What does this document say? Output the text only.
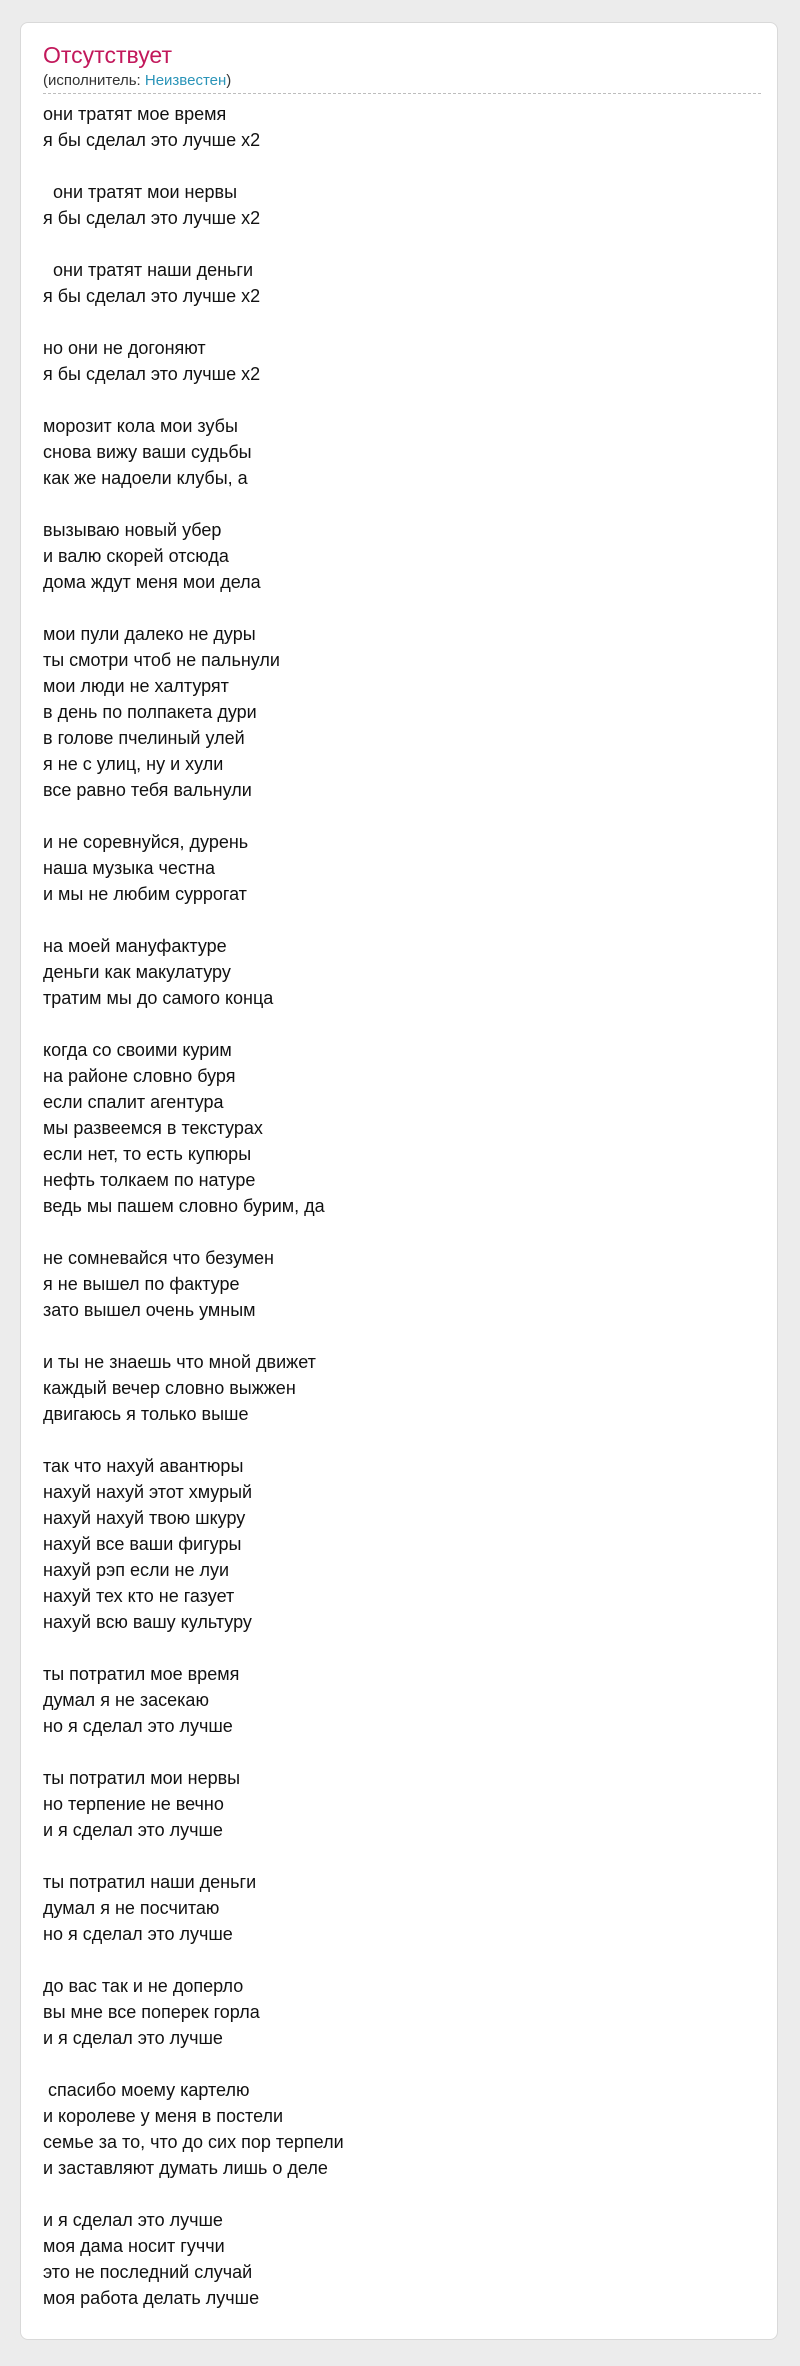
Отсутствует
(исполнитель: Неизвестен)
они тратят мое время
я бы сделал это лучше х2
они тратят мои нервы
я бы сделал это лучше х2
они тратят наши деньги
я бы сделал это лучше х2
но они не догоняют
я бы сделал это лучше х2
морозит кола мои зубы
снова вижу ваши судьбы
как же надоели клубы, а
вызываю новый убер
и валю скорей отсюда
дома ждут меня мои дела
мои пули далеко не дуры
ты смотри чтоб не пальнули
мои люди не халтурят
в день по полпакета дури
в голове пчелиный улей
я не с улиц, ну и хули
все равно тебя вальнули
и не соревнуйся, дурень
наша музыка честна
и мы не любим суррогат
на моей мануфактуре
деньги как макулатуру
тратим мы до самого конца
когда со своими курим
на районе словно буря
если спалит агентура
мы развеемся в текстурах
если нет, то есть купюры
нефть толкаем по натуре
ведь мы пашем словно бурим, да
не сомневайся что безумен
я не вышел по фактуре
зато вышел очень умным
и ты не знаешь что мной движет
каждый вечер словно выжжен
двигаюсь я только выше
так что нахуй авантюры
нахуй нахуй этот хмурый
нахуй нахуй твою шкуру
нахуй все ваши фигуры
нахуй рэп если не луи
нахуй тех кто не газует
нахуй всю вашу культуру
ты потратил мое время
думал я не засекаю
но я сделал это лучше
ты потратил мои нервы
но терпение не вечно
и я сделал это лучше
ты потратил наши деньги
думал я не посчитаю
но я сделал это лучше
до вас так и не доперло
вы мне все поперек горла
и я сделал это лучше
спасибо моему картелю
и королеве у меня в постели
семье за то, что до сих пор терпели
и заставляют думать лишь о деле
и я сделал это лучше
моя дама носит гуччи
это не последний случай
моя работа делать лучше
